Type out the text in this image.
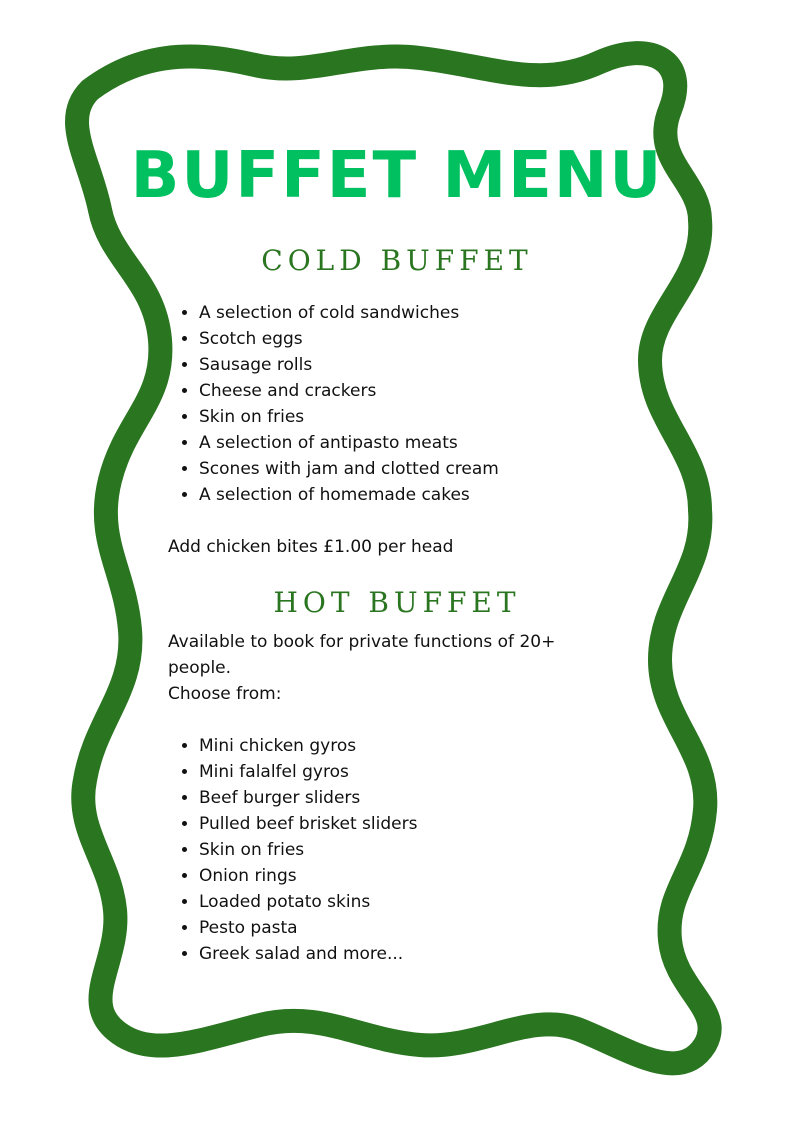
BUFFET MENU
COLD BUFFET
• A selection of cold sandwiches
• Scotch eggs
• Sausage rolls
• Cheese and crackers
• Skin on fries
• A selection of antipasto meats
• Scones with jam and clotted cream
• A selection of homemade cakes
Add chicken bites £1.00 per head
HOT BUFFET
Available to book for private functions of 20+ people.
Choose from:
• Mini chicken gyros
• Mini falalfel gyros
• Beef burger sliders
• Pulled beef brisket sliders
• Skin on fries
• Onion rings
• Loaded potato skins
• Pesto pasta
• Greek salad and more...
